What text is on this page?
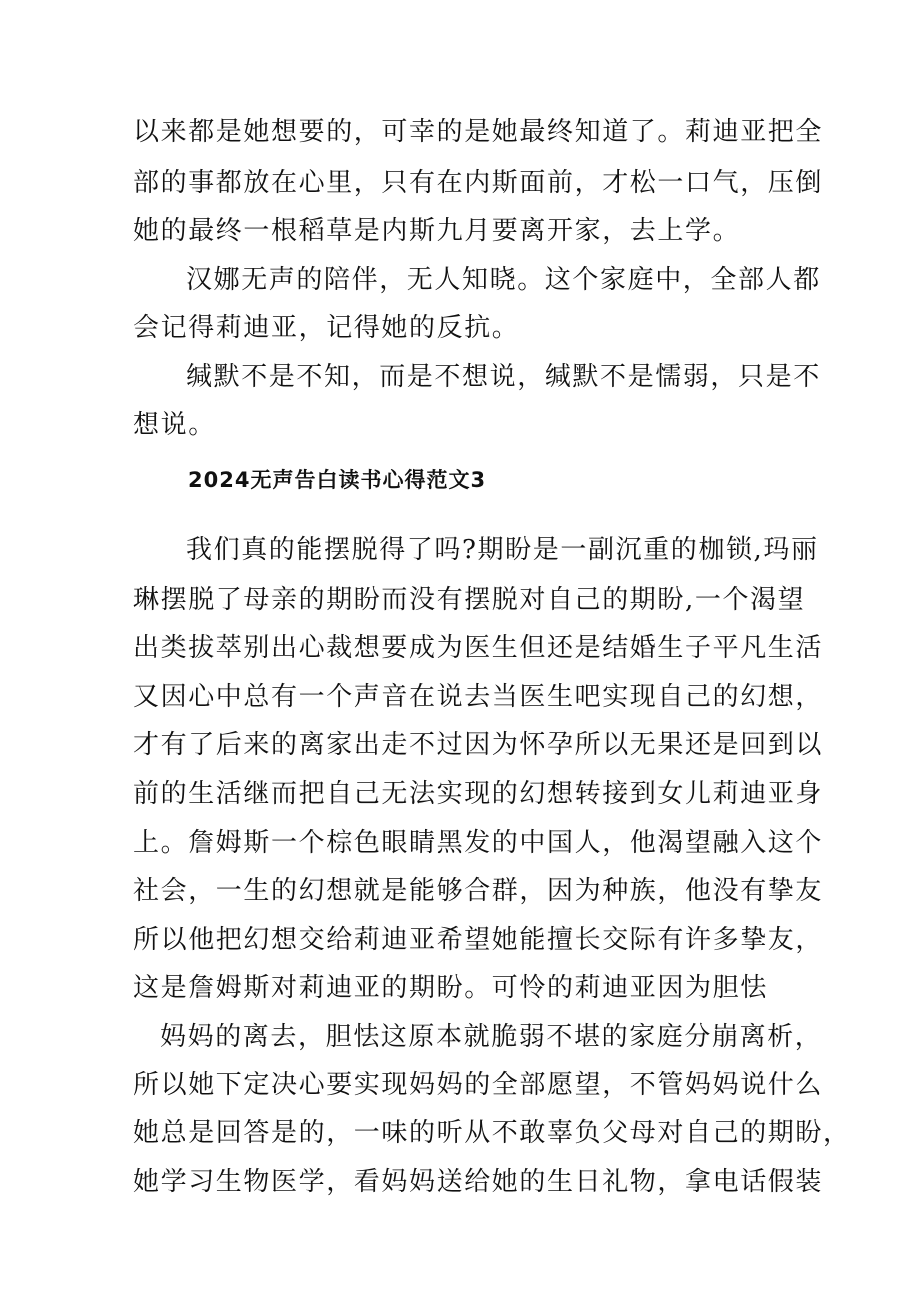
以来都是她想要的，可幸的是她最终知道了。莉迪亚把全
部的事都放在心里，只有在内斯面前，才松一口气，压倒
她的最终一根稻草是内斯九月要离开家，去上学。
汉娜无声的陪伴，无人知晓。这个家庭中，全部人都
会记得莉迪亚，记得她的反抗。
缄默不是不知，而是不想说，缄默不是懦弱，只是不
想说。
2024无声告白读书心得范文3
我们真的能摆脱得了吗?期盼是一副沉重的枷锁,玛丽
琳摆脱了母亲的期盼而没有摆脱对自己的期盼,一个渴望
出类拔萃别出心裁想要成为医生但还是结婚生子平凡生活
又因心中总有一个声音在说去当医生吧实现自己的幻想，
才有了后来的离家出走不过因为怀孕所以无果还是回到以
前的生活继而把自己无法实现的幻想转接到女儿莉迪亚身
上。詹姆斯一个棕色眼睛黑发的中国人，他渴望融入这个
社会，一生的幻想就是能够合群，因为种族，他没有挚友
所以他把幻想交给莉迪亚希望她能擅长交际有许多挚友，
这是詹姆斯对莉迪亚的期盼。可怜的莉迪亚因为胆怯
妈妈的离去，胆怯这原本就脆弱不堪的家庭分崩离析，
所以她下定决心要实现妈妈的全部愿望，不管妈妈说什么
她总是回答是的，一味的听从不敢辜负父母对自己的期盼，
她学习生物医学，看妈妈送给她的生日礼物，拿电话假装
